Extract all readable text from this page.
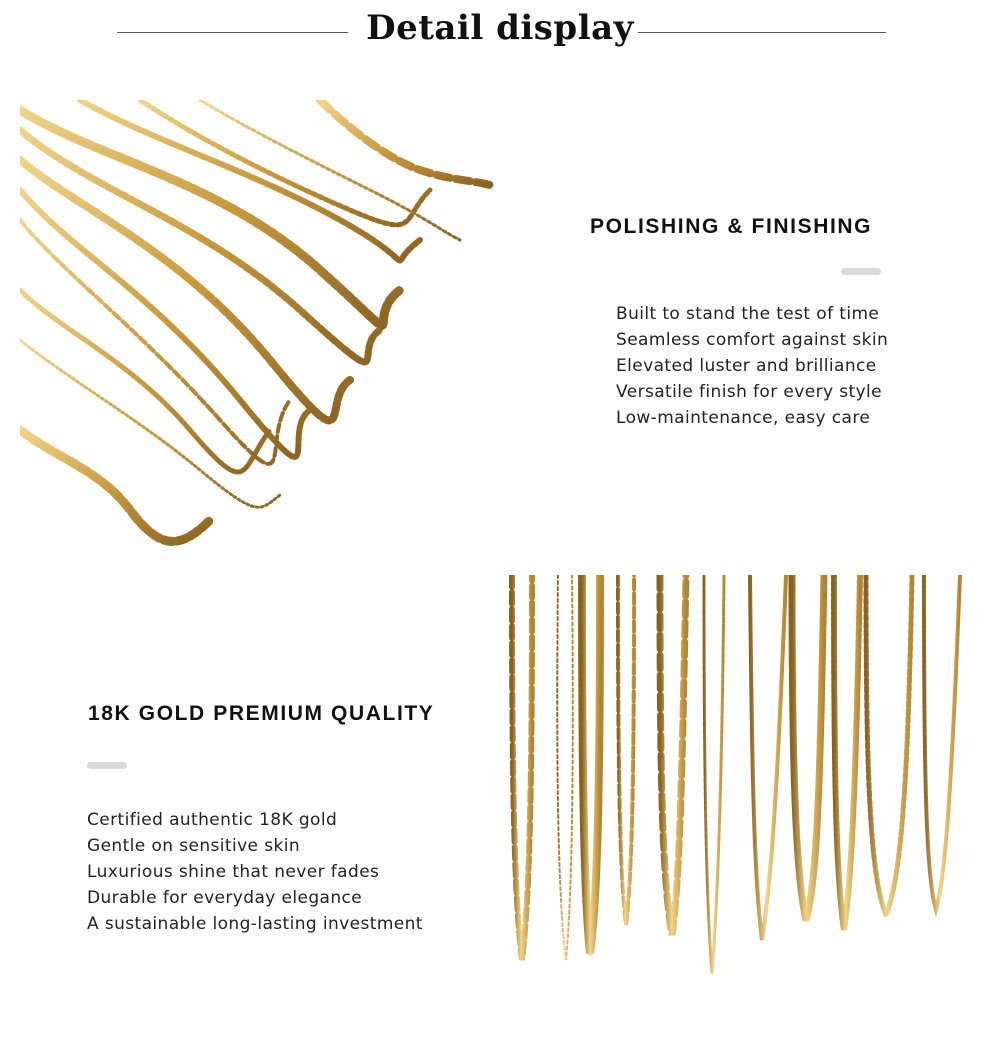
Detail display
POLISHING & FINISHING
Built to stand the test of time
Seamless comfort against skin
Elevated luster and brilliance
Versatile finish for every style
Low-maintenance, easy care
18K GOLD PREMIUM QUALITY
Certified authentic 18K gold
Gentle on sensitive skin
Luxurious shine that never fades
Durable for everyday elegance
A sustainable long-lasting investment
